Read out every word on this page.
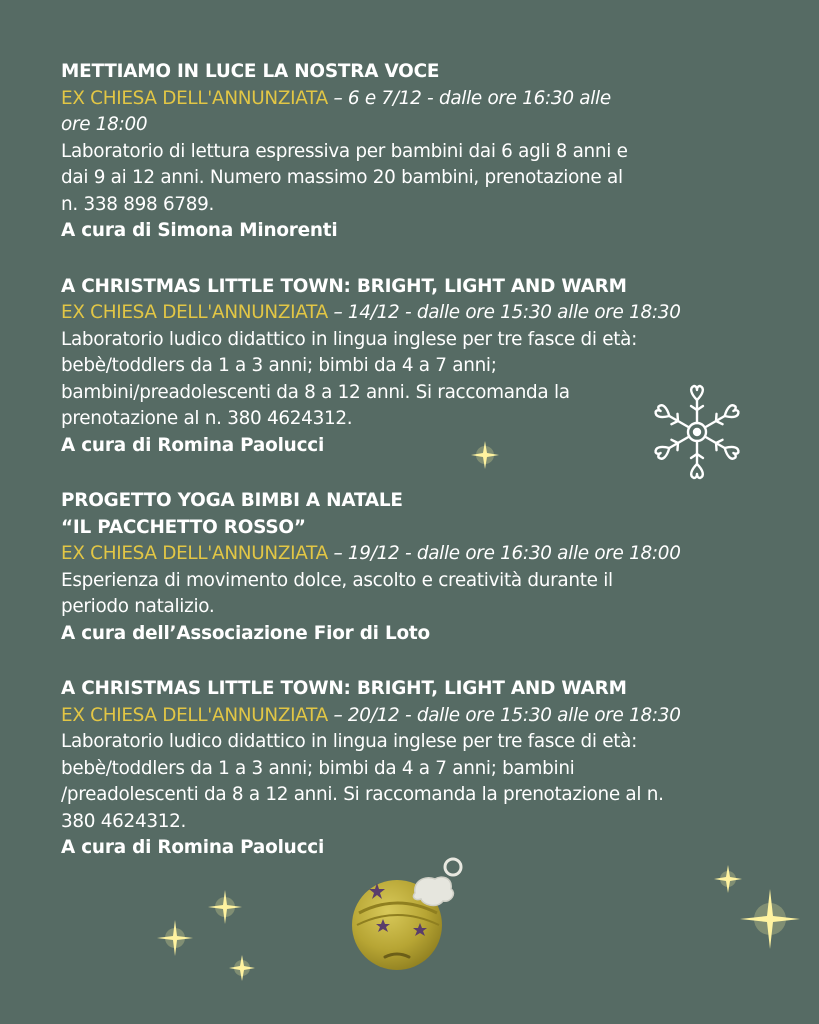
METTIAMO IN LUCE LA NOSTRA VOCE
EX CHIESA DELL'ANNUNZIATA – 6 e 7/12 - dalle ore 16:30 alle
ore 18:00
Laboratorio di lettura espressiva per bambini dai 6 agli 8 anni e
dai 9 ai 12 anni. Numero massimo 20 bambini, prenotazione al
n. 338 898 6789.
A cura di Simona Minorenti
A CHRISTMAS LITTLE TOWN: BRIGHT, LIGHT AND WARM
EX CHIESA DELL'ANNUNZIATA – 14/12 - dalle ore 15:30 alle ore 18:30
Laboratorio ludico didattico in lingua inglese per tre fasce di età:
bebè/toddlers da 1 a 3 anni; bimbi da 4 a 7 anni;
bambini/preadolescenti da 8 a 12 anni. Si raccomanda la
prenotazione al n. 380 4624312.
A cura di Romina Paolucci
PROGETTO YOGA BIMBI A NATALE
“IL PACCHETTO ROSSO”
EX CHIESA DELL'ANNUNZIATA – 19/12 - dalle ore 16:30 alle ore 18:00
Esperienza di movimento dolce, ascolto e creatività durante il
periodo natalizio.
A cura dell’Associazione Fior di Loto
A CHRISTMAS LITTLE TOWN: BRIGHT, LIGHT AND WARM
EX CHIESA DELL'ANNUNZIATA – 20/12 - dalle ore 15:30 alle ore 18:30
Laboratorio ludico didattico in lingua inglese per tre fasce di età:
bebè/toddlers da 1 a 3 anni; bimbi da 4 a 7 anni; bambini
/preadolescenti da 8 a 12 anni. Si raccomanda la prenotazione al n.
380 4624312.
A cura di Romina Paolucci
